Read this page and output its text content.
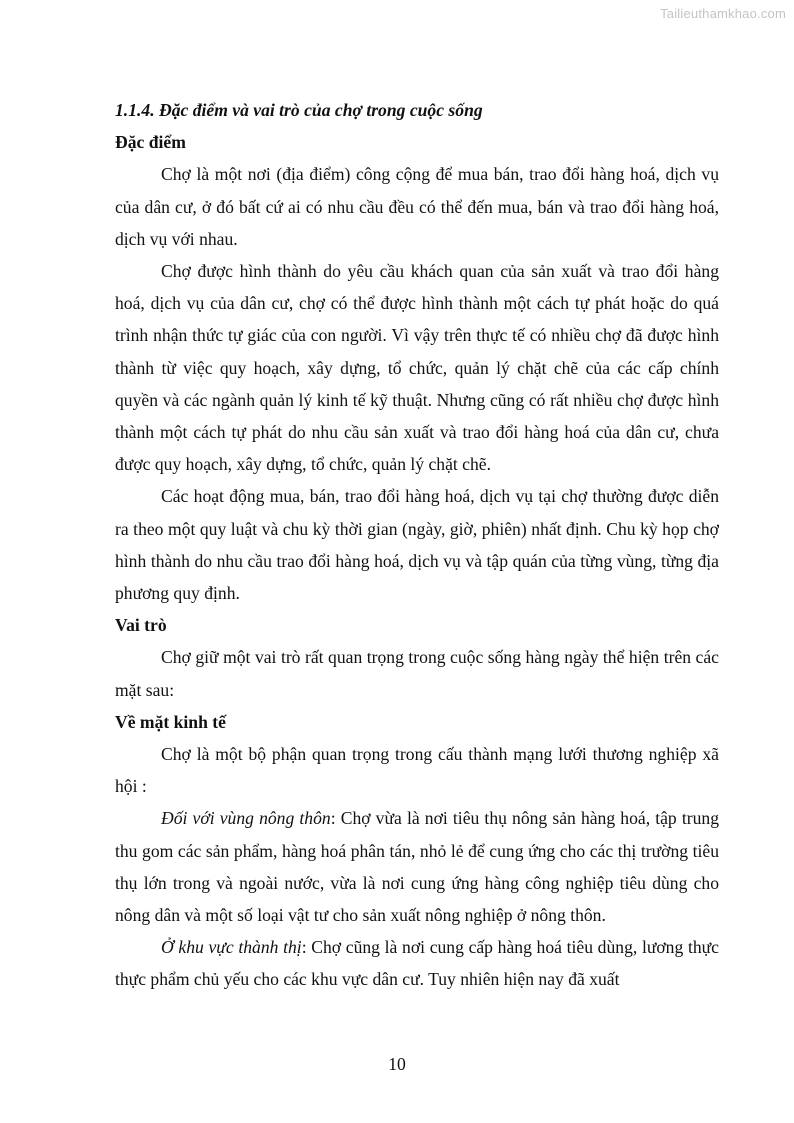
Tailieuthamkhao.com

1.1.4. Đặc điểm và vai trò của chợ trong cuộc sống

Đặc điểm

Chợ là một nơi (địa điểm) công cộng để mua bán, trao đổi hàng hoá, dịch vụ của dân cư, ở đó bất cứ ai có nhu cầu đều có thể đến mua, bán và trao đổi hàng hoá, dịch vụ với nhau.

Chợ được hình thành do yêu cầu khách quan của sản xuất và trao đổi hàng hoá, dịch vụ của dân cư, chợ có thể được hình thành một cách tự phát hoặc do quá trình nhận thức tự giác của con người. Vì vậy trên thực tế có nhiều chợ đã được hình thành từ việc quy hoạch, xây dựng, tổ chức, quản lý chặt chẽ của các cấp chính quyền và các ngành quản lý kinh tế kỹ thuật. Nhưng cũng có rất nhiều chợ được hình thành một cách tự phát do nhu cầu sản xuất và trao đổi hàng hoá của dân cư, chưa được quy hoạch, xây dựng, tổ chức, quản lý chặt chẽ.

Các hoạt động mua, bán, trao đổi hàng hoá, dịch vụ tại chợ thường được diễn ra theo một quy luật và chu kỳ thời gian (ngày, giờ, phiên) nhất định. Chu kỳ họp chợ hình thành do nhu cầu trao đổi hàng hoá, dịch vụ và tập quán của từng vùng, từng địa phương quy định.

Vai trò

Chợ giữ một vai trò rất quan trọng trong cuộc sống hàng ngày thể hiện trên các mặt sau:

Về mặt kinh tế

Chợ là một bộ phận quan trọng trong cấu thành mạng lưới thương nghiệp xã hội :

Đối với vùng nông thôn: Chợ vừa là nơi tiêu thụ nông sản hàng hoá, tập trung thu gom các sản phẩm, hàng hoá phân tán, nhỏ lẻ để cung ứng cho các thị trường tiêu thụ lớn trong và ngoài nước, vừa là nơi cung ứng hàng công nghiệp tiêu dùng cho nông dân và một số loại vật tư cho sản xuất nông nghiệp ở nông thôn.

Ở khu vực thành thị: Chợ cũng là nơi cung cấp hàng hoá tiêu dùng, lương thực thực phẩm chủ yếu cho các khu vực dân cư. Tuy nhiên hiện nay đã xuất

10
